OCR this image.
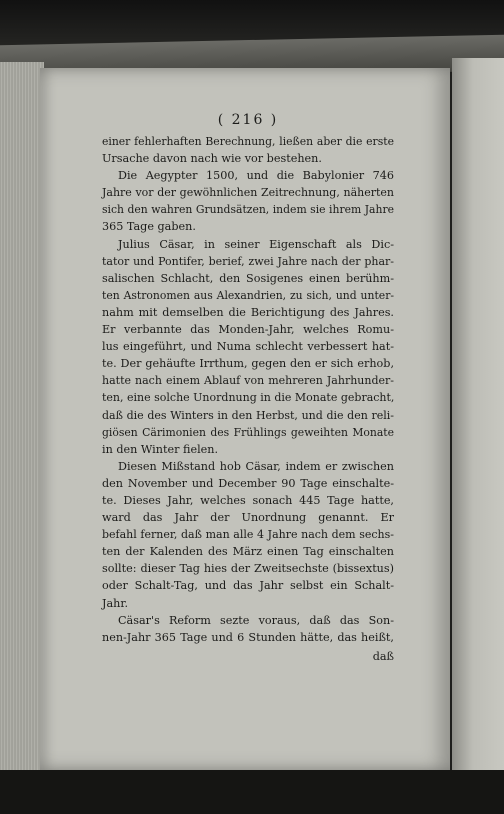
( 216 )
einer fehlerhaften Berechnung, ließen aber die erste
Ursache davon nach wie vor bestehen.
Die Aegypter 1500, und die Babylonier 746
Jahre vor der gewöhnlichen Zeitrechnung, näherten
sich den wahren Grundsätzen, indem sie ihrem Jahre
365 Tage gaben.
Julius Cäsar, in seiner Eigenschaft als Dic-
tator und Pontifer, berief, zwei Jahre nach der phar-
salischen Schlacht, den Sosigenes einen berühm-
ten Astronomen aus Alexandrien, zu sich, und unter-
nahm mit demselben die Berichtigung des Jahres.
Er verbannte das Monden-Jahr, welches Romu-
lus eingeführt, und Numa schlecht verbessert hat-
te. Der gehäufte Irrthum, gegen den er sich erhob,
hatte nach einem Ablauf von mehreren Jahrhunder-
ten, eine solche Unordnung in die Monate gebracht,
daß die des Winters in den Herbst, und die den reli-
giösen Cärimonien des Frühlings geweihten Monate
in den Winter fielen.
Diesen Mißstand hob Cäsar, indem er zwischen
den November und December 90 Tage einschalte-
te. Dieses Jahr, welches sonach 445 Tage hatte,
ward das Jahr der Unordnung genannt. Er
befahl ferner, daß man alle 4 Jahre nach dem sechs-
ten der Kalenden des März einen Tag einschalten
sollte: dieser Tag hies der Zweitsechste (bissextus)
oder Schalt-Tag, und das Jahr selbst ein Schalt-
Jahr.
Cäsar's Reform sezte voraus, daß das Son-
nen-Jahr 365 Tage und 6 Stunden hätte, das heißt,
daß
